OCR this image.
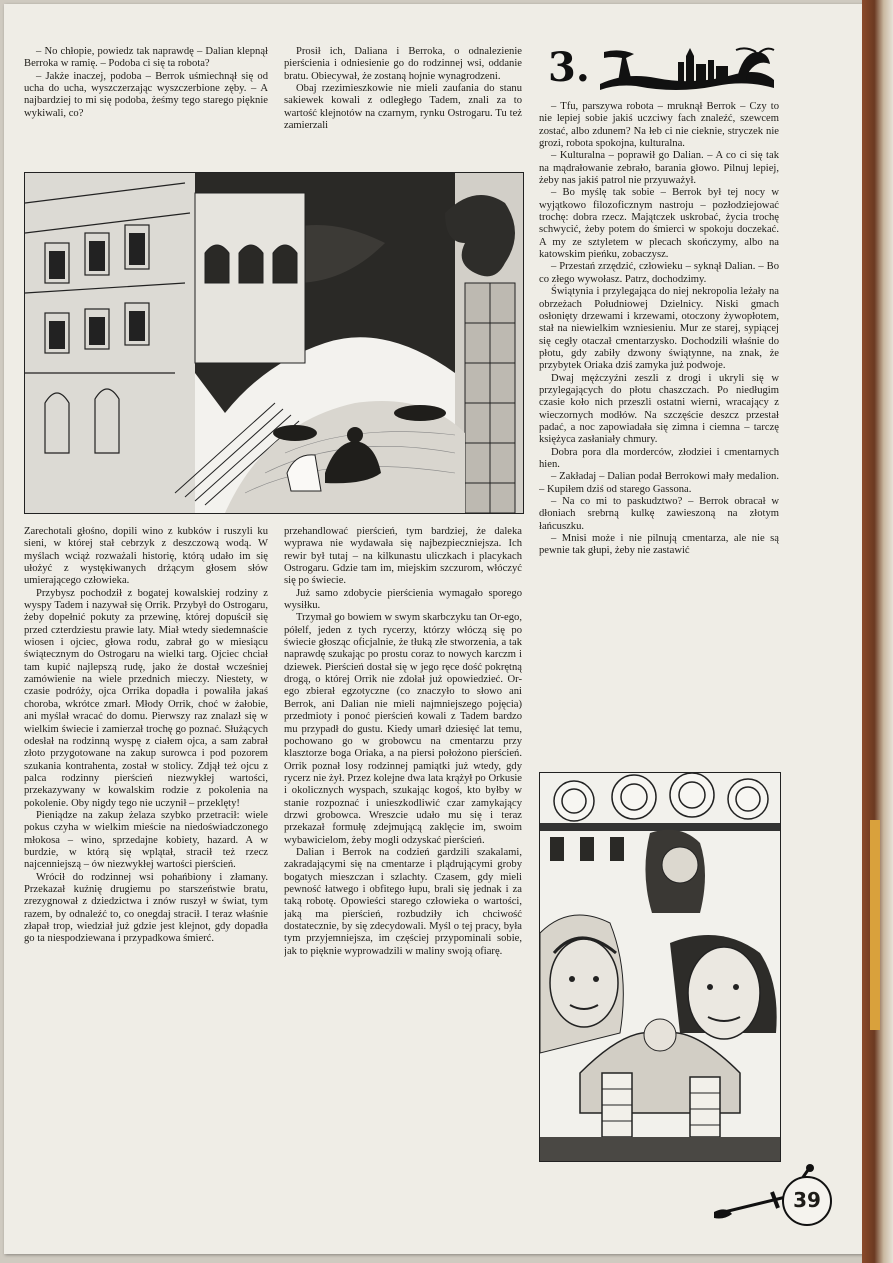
– No chłopie, powiedz tak naprawdę – Dalian klepnął Berroka w ramię. – Podoba ci się ta robota?

– Jakże inaczej, podoba – Berrok uśmiechnął się od ucha do ucha, wyszczerzając wyszczerbione zęby. – A najbardziej to mi się podoba, żeśmy tego starego pięknie wykiwali, co?

Prosił ich, Daliana i Berroka, o odnalezienie pierścienia i odniesienie go do rodzinnej wsi, oddanie bratu. Obiecywał, że zostaną hojnie wynagrodzeni.

Obaj rzezimieszkowie nie mieli zaufania do stanu sakiewek kowali z odległego Tadem, znali za to wartość klejnotów na czarnym, rynku Ostrogaru. Tu też zamierzali

3.

– Tfu, parszywa robota – mruknął Berrok – Czy to nie lepiej sobie jakiś uczciwy fach znaleźć, szewcem zostać, albo zdunem? Na łeb ci nie cieknie, stryczek nie grozi, robota spokojna, kulturalna.

– Kulturalna – poprawił go Dalian. – A co ci się tak na mądrałowanie zebrało, barania głowo. Pilnuj lepiej, żeby nas jakiś patrol nie przyuważył.

– Bo myślę tak sobie – Berrok był tej nocy w wyjątkowo filozoficznym nastroju – pozłodziejować trochę: dobra rzecz. Majątczek uskrobać, życia trochę schwycić, żeby potem do śmierci w spokoju doczekać. A my ze sztyletem w plecach skończymy, albo na katowskim pieńku, zobaczysz.

– Przestań zrzędzić, człowieku – syknął Dalian. – Bo co złego wywołasz. Patrz, dochodzimy.

Świątynia i przylegająca do niej nekropolia leżały na obrzeżach Południowej Dzielnicy. Niski gmach osłonięty drzewami i krzewami, otoczony żywopłotem, stał na niewielkim wzniesieniu. Mur ze starej, sypiącej się cegły otaczał cmentarzysko. Dochodzili właśnie do płotu, gdy zabiły dzwony świątynne, na znak, że przybytek Oriaka dziś zamyka już podwoje.

Dwaj mężczyźni zeszli z drogi i ukryli się w przylegających do płotu chaszczach. Po niedługim czasie koło nich przeszli ostatni wierni, wracający z wieczornych modłów. Na szczęście deszcz przestał padać, a noc zapowiadała się zimna i ciemna – tarczę księżyca zasłaniały chmury.

Dobra pora dla morderców, złodziei i cmentarnych hien.

– Zakładaj – Dalian podał Berrokowi mały medalion. – Kupiłem dziś od starego Gassona.

– Na co mi to paskudztwo? – Berrok obracał w dłoniach srebrną kulkę zawieszoną na złotym łańcuszku.

– Mnisi może i nie pilnują cmentarza, ale nie są pewnie tak głupi, żeby nie zastawić

Zarechotali głośno, dopili wino z kubków i ruszyli ku sieni, w której stał cebrzyk z deszczową wodą. W myślach wciąż rozważali historię, którą udało im się ułożyć z wystękiwanych drżącym głosem słów umierającego człowieka.

Przybysz pochodził z bogatej kowalskiej rodziny z wyspy Tadem i nazywał się Orrik. Przybył do Ostrogaru, żeby dopełnić pokuty za przewinę, której dopuścił się przed czterdziestu prawie laty. Miał wtedy siedemnaście wiosen i ojciec, głowa rodu, zabrał go w miesiącu świątecznym do Ostrogaru na wielki targ. Ojciec chciał tam kupić najlepszą rudę, jako że dostał wcześniej zamówienie na wiele przednich mieczy. Niestety, w czasie podróży, ojca Orrika dopadła i powaliła jakaś choroba, wkrótce zmarł. Młody Orrik, choć w żałobie, ani myślał wracać do domu. Pierwszy raz znalazł się w wielkim świecie i zamierzał trochę go poznać. Służących odesłał na rodzinną wyspę z ciałem ojca, a sam zabrał złoto przygotowane na zakup surowca i pod pozorem szukania kontrahenta, został w stolicy. Zdjął też ojcu z palca rodzinny pierścień niezwykłej wartości, przekazywany w kowalskim rodzie z pokolenia na pokolenie. Oby nigdy tego nie uczynił – przeklęty!

Pieniądze na zakup żelaza szybko przetracił: wiele pokus czyha w wielkim mieście na niedoświadczonego młokosa – wino, sprzedajne kobiety, hazard. A w burdzie, w którą się wplątał, stracił też rzecz najcenniejszą – ów niezwykłej wartości pierścień.

Wrócił do rodzinnej wsi pohańbiony i złamany. Przekazał kuźnię drugiemu po starszeństwie bratu, zrezygnował z dziedzictwa i znów ruszył w świat, tym razem, by odnaleźć to, co onegdaj stracił. I teraz właśnie złapał trop, wiedział już gdzie jest klejnot, gdy dopadła go ta niespodziewana i przypadkowa śmierć.

przehandlować pierścień, tym bardziej, że daleka wyprawa nie wydawała się najbezpieczniejsza. Ich rewir był tutaj – na kilkunastu uliczkach i placykach Ostrogaru. Gdzie tam im, miejskim szczurom, włóczyć się po świecie.

Już samo zdobycie pierścienia wymagało sporego wysiłku.

Trzymał go bowiem w swym skarbczyku tan Or-ego, półelf, jeden z tych rycerzy, którzy włóczą się po świecie głosząc oficjalnie, że tłuką złe stworzenia, a tak naprawdę szukając po prostu coraz to nowych karczm i dziewek. Pierścień dostał się w jego ręce dość pokrętną drogą, o której Orrik nie zdołał już opowiedzieć. Or-ego zbierał egzotyczne (co znaczyło to słowo ani Berrok, ani Dalian nie mieli najmniejszego pojęcia) przedmioty i ponoć pierścień kowali z Tadem bardzo mu przypadł do gustu. Kiedy umarł dziesięć lat temu, pochowano go w grobowcu na cmentarzu przy klasztorze boga Oriaka, a na piersi położono pierścień. Orrik poznał losy rodzinnej pamiątki już wtedy, gdy rycerz nie żył. Przez kolejne dwa lata krążył po Orkusie i okolicznych wyspach, szukając kogoś, kto byłby w stanie rozpoznać i unieszkodliwić czar zamykający drzwi grobowca. Wreszcie udało mu się i teraz przekazał formułę zdejmującą zaklęcie im, swoim wybawicielom, żeby mogli odzyskać pierścień.

Dalian i Berrok na codzień gardzili szakalami, zakradającymi się na cmentarze i plądrującymi groby bogatych mieszczan i szlachty. Czasem, gdy mieli pewność łatwego i obfitego łupu, brali się jednak i za taką robotę. Opowieści starego człowieka o wartości, jaką ma pierścień, rozbudziły ich chciwość dostatecznie, by się zdecydowali. Myśl o tej pracy, była tym przyjemniejsza, im częściej przypominali sobie, jak to pięknie wyprowadzili w maliny swoją ofiarę.

39
